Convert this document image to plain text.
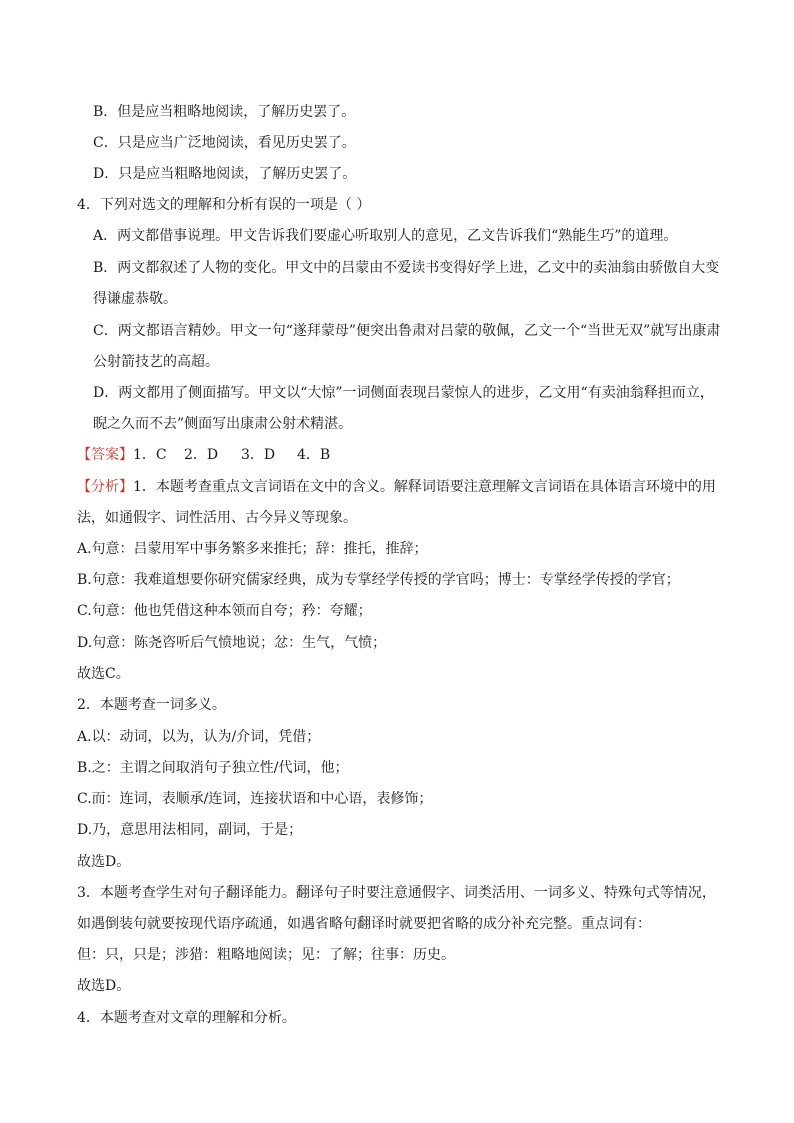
B．但是应当粗略地阅读，了解历史罢了。
C．只是应当广泛地阅读，看见历史罢了。
D．只是应当粗略地阅读，了解历史罢了。
4．下列对选文的理解和分析有误的一项是（ ）
A．两文都借事说理。甲文告诉我们要虚心听取别人的意见，乙文告诉我们“熟能生巧”的道理。
B．两文都叙述了人物的变化。甲文中的吕蒙由不爱读书变得好学上进，乙文中的卖油翁由骄傲自大变
得谦虚恭敬。
C．两文都语言精妙。甲文一句“遂拜蒙母”便突出鲁肃对吕蒙的敬佩，乙文一个“当世无双”就写出康肃
公射箭技艺的高超。
D．两文都用了侧面描写。甲文以“大惊”一词侧面表现吕蒙惊人的进步，乙文用“有卖油翁释担而立，
睨之久而不去”侧面写出康肃公射术精湛。
【答案】1．C 2．D 3．D 4．B
【分析】1．本题考查重点文言词语在文中的含义。解释词语要注意理解文言词语在具体语言环境中的用
法，如通假字、词性活用、古今异义等现象。
A.句意：吕蒙用军中事务繁多来推托；辞：推托，推辞；
B.句意：我难道想要你研究儒家经典，成为专掌经学传授的学官吗；博士：专掌经学传授的学官；
C.句意：他也凭借这种本领而自夸；矜：夸耀；
D.句意：陈尧咨听后气愤地说；忿：生气，气愤；
故选C。
2．本题考查一词多义。
A.以：动词，以为，认为/介词，凭借；
B.之：主谓之间取消句子独立性/代词，他；
C.而：连词，表顺承/连词，连接状语和中心语，表修饰；
D.乃，意思用法相同，副词，于是；
故选D。
3．本题考查学生对句子翻译能力。翻译句子时要注意通假字、词类活用、一词多义、特殊句式等情况，
如遇倒装句就要按现代语序疏通，如遇省略句翻译时就要把省略的成分补充完整。重点词有：
但：只，只是；涉猎：粗略地阅读；见：了解；往事：历史。
故选D。
4．本题考查对文章的理解和分析。
